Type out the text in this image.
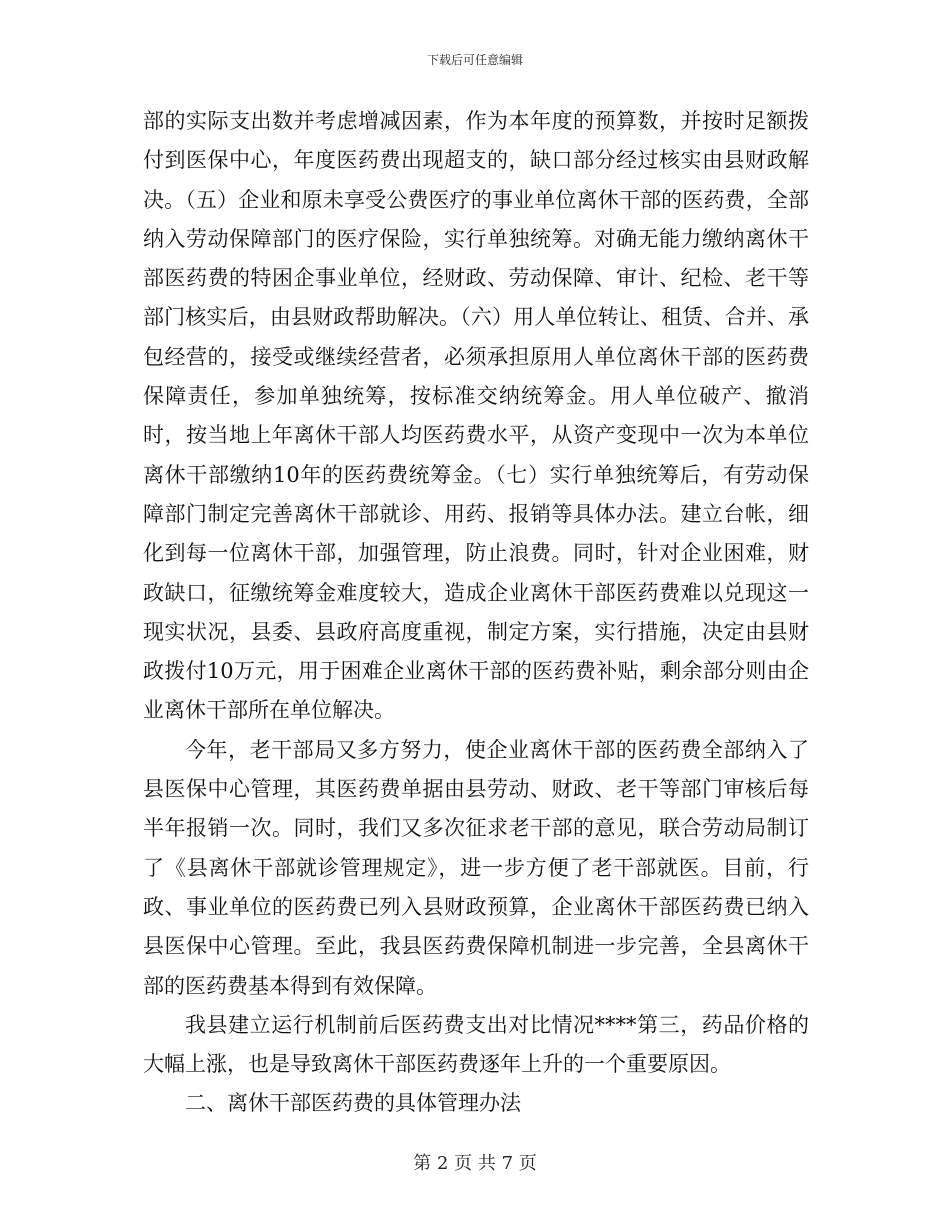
下载后可任意编辑

部的实际支出数并考虑增减因素，作为本年度的预算数，并按时足额拨付到医保中心，年度医药费出现超支的，缺口部分经过核实由县财政解决。（五）企业和原未享受公费医疗的事业单位离休干部的医药费，全部纳入劳动保障部门的医疗保险，实行单独统筹。对确无能力缴纳离休干部医药费的特困企事业单位，经财政、劳动保障、审计、纪检、老干等部门核实后，由县财政帮助解决。（六）用人单位转让、租赁、合并、承包经营的，接受或继续经营者，必须承担原用人单位离休干部的医药费保障责任，参加单独统筹，按标准交纳统筹金。用人单位破产、撤消时，按当地上年离休干部人均医药费水平，从资产变现中一次为本单位离休干部缴纳10年的医药费统筹金。（七）实行单独统筹后，有劳动保障部门制定完善离休干部就诊、用药、报销等具体办法。建立台帐，细化到每一位离休干部，加强管理，防止浪费。同时，针对企业困难，财政缺口，征缴统筹金难度较大，造成企业离休干部医药费难以兑现这一现实状况，县委、县政府高度重视，制定方案，实行措施，决定由县财政拨付10万元，用于困难企业离休干部的医药费补贴，剩余部分则由企业离休干部所在单位解决。

今年，老干部局又多方努力，使企业离休干部的医药费全部纳入了县医保中心管理，其医药费单据由县劳动、财政、老干等部门审核后每半年报销一次。同时，我们又多次征求老干部的意见，联合劳动局制订了《县离休干部就诊管理规定》，进一步方便了老干部就医。目前，行政、事业单位的医药费已列入县财政预算，企业离休干部医药费已纳入县医保中心管理。至此，我县医药费保障机制进一步完善，全县离休干部的医药费基本得到有效保障。

我县建立运行机制前后医药费支出对比情况****第三，药品价格的大幅上涨，也是导致离休干部医药费逐年上升的一个重要原因。

二、离休干部医药费的具体管理办法

第 2 页 共 7 页
